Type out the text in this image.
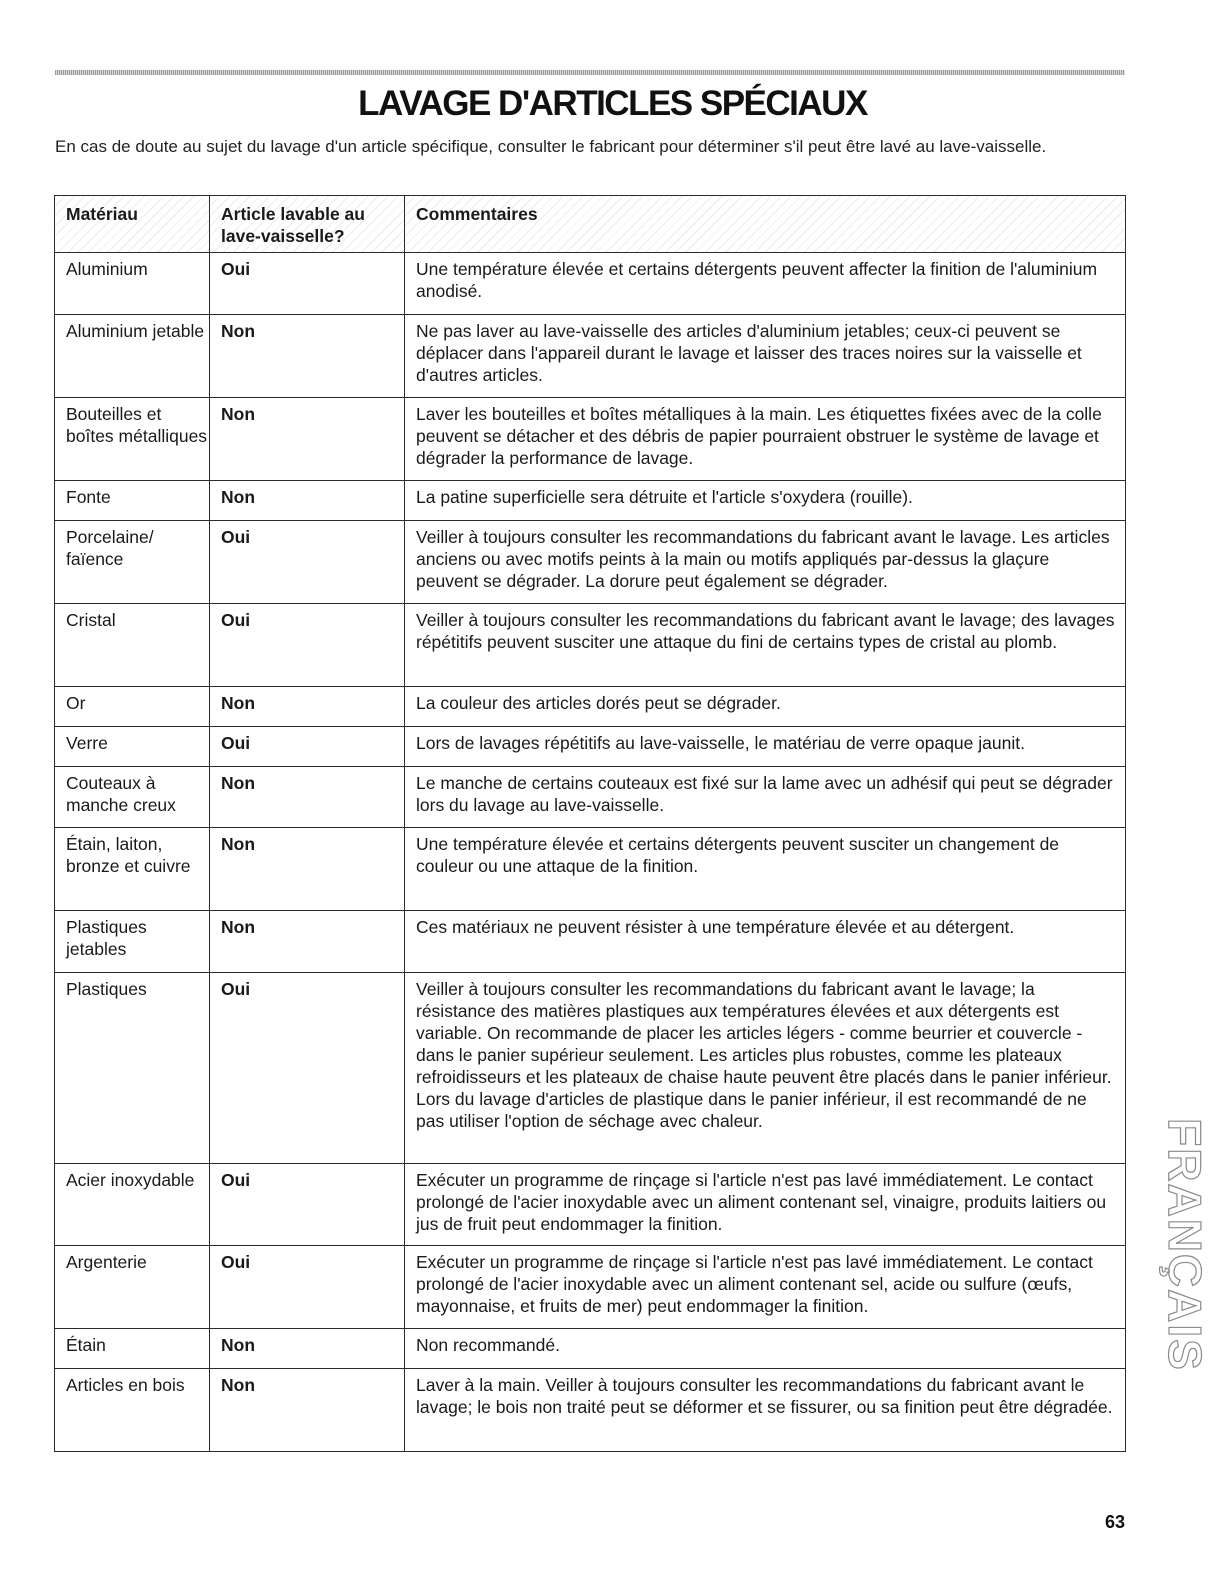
LAVAGE D'ARTICLES SPÉCIAUX

En cas de doute au sujet du lavage d'un article spécifique, consulter le fabricant pour déterminer s'il peut être lavé au lave-vaisselle.

Matériau	Article lavable au lave-vaisselle?	Commentaires
Aluminium	Oui	Une température élevée et certains détergents peuvent affecter la finition de l'aluminium anodisé.
Aluminium jetable	Non	Ne pas laver au lave-vaisselle des articles d'aluminium jetables; ceux-ci peuvent se déplacer dans l'appareil durant le lavage et laisser des traces noires sur la vaisselle et d'autres articles.
Bouteilles et boîtes métalliques	Non	Laver les bouteilles et boîtes métalliques à la main. Les étiquettes fixées avec de la colle peuvent se détacher et des débris de papier pourraient obstruer le système de lavage et dégrader la performance de lavage.
Fonte	Non	La patine superficielle sera détruite et l'article s'oxydera (rouille).
Porcelaine/ faïence	Oui	Veiller à toujours consulter les recommandations du fabricant avant le lavage. Les articles anciens ou avec motifs peints à la main ou motifs appliqués par-dessus la glaçure peuvent se dégrader. La dorure peut également se dégrader.
Cristal	Oui	Veiller à toujours consulter les recommandations du fabricant avant le lavage; des lavages répétitifs peuvent susciter une attaque du fini de certains types de cristal au plomb.
Or	Non	La couleur des articles dorés peut se dégrader.
Verre	Oui	Lors de lavages répétitifs au lave-vaisselle, le matériau de verre opaque jaunit.
Couteaux à manche creux	Non	Le manche de certains couteaux est fixé sur la lame avec un adhésif qui peut se dégrader lors du lavage au lave-vaisselle.
Étain, laiton, bronze et cuivre	Non	Une température élevée et certains détergents peuvent susciter un changement de couleur ou une attaque de la finition.
Plastiques jetables	Non	Ces matériaux ne peuvent résister à une température élevée et au détergent.
Plastiques	Oui	Veiller à toujours consulter les recommandations du fabricant avant le lavage; la résistance des matières plastiques aux températures élevées et aux détergents est variable. On recommande de placer les articles légers - comme beurrier et couvercle - dans le panier supérieur seulement. Les articles plus robustes, comme les plateaux refroidisseurs et les plateaux de chaise haute peuvent être placés dans le panier inférieur. Lors du lavage d'articles de plastique dans le panier inférieur, il est recommandé de ne pas utiliser l'option de séchage avec chaleur.
Acier inoxydable	Oui	Exécuter un programme de rinçage si l'article n'est pas lavé immédiatement. Le contact prolongé de l'acier inoxydable avec un aliment contenant sel, vinaigre, produits laitiers ou jus de fruit peut endommager la finition.
Argenterie	Oui	Exécuter un programme de rinçage si l'article n'est pas lavé immédiatement. Le contact prolongé de l'acier inoxydable avec un aliment contenant sel, acide ou sulfure (œufs, mayonnaise, et fruits de mer) peut endommager la finition.
Étain	Non	Non recommandé.
Articles en bois	Non	Laver à la main. Veiller à toujours consulter les recommandations du fabricant avant le lavage; le bois non traité peut se déformer et se fissurer, ou sa finition peut être dégradée.
FRANÇAIS
63
